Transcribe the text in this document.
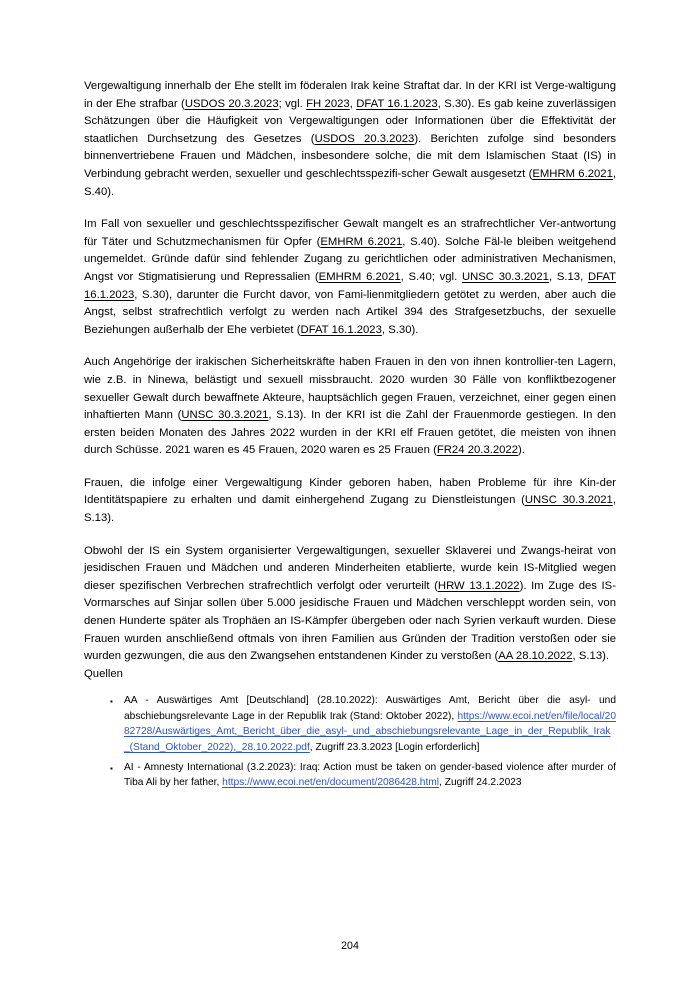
Vergewaltigung innerhalb der Ehe stellt im föderalen Irak keine Straftat dar. In der KRI ist Verge-waltigung in der Ehe strafbar (USDOS 20.3.2023; vgl. FH 2023, DFAT 16.1.2023, S.30). Es gab keine zuverlässigen Schätzungen über die Häufigkeit von Vergewaltigungen oder Informationen über die Effektivität der staatlichen Durchsetzung des Gesetzes (USDOS 20.3.2023). Berichten zufolge sind besonders binnenvertriebene Frauen und Mädchen, insbesondere solche, die mit dem Islamischen Staat (IS) in Verbindung gebracht werden, sexueller und geschlechtsspezifi-scher Gewalt ausgesetzt (EMHRM 6.2021, S.40).

Im Fall von sexueller und geschlechtsspezifischer Gewalt mangelt es an strafrechtlicher Ver-antwortung für Täter und Schutzmechanismen für Opfer (EMHRM 6.2021, S.40). Solche Fäl-le bleiben weitgehend ungemeldet. Gründe dafür sind fehlender Zugang zu gerichtlichen oder administrativen Mechanismen, Angst vor Stigmatisierung und Repressalien (EMHRM 6.2021, S.40; vgl. UNSC 30.3.2021, S.13, DFAT 16.1.2023, S.30), darunter die Furcht davor, von Fami-lienmitgliedern getötet zu werden, aber auch die Angst, selbst strafrechtlich verfolgt zu werden nach Artikel 394 des Strafgesetzbuchs, der sexuelle Beziehungen außerhalb der Ehe verbietet (DFAT 16.1.2023, S.30).

Auch Angehörige der irakischen Sicherheitskräfte haben Frauen in den von ihnen kontrollier-ten Lagern, wie z.B. in Ninewa, belästigt und sexuell missbraucht. 2020 wurden 30 Fälle von konfliktbezogener sexueller Gewalt durch bewaffnete Akteure, hauptsächlich gegen Frauen, verzeichnet, einer gegen einen inhaftierten Mann (UNSC 30.3.2021, S.13). In der KRI ist die Zahl der Frauenmorde gestiegen. In den ersten beiden Monaten des Jahres 2022 wurden in der KRI elf Frauen getötet, die meisten von ihnen durch Schüsse. 2021 waren es 45 Frauen, 2020 waren es 25 Frauen (FR24 20.3.2022).

Frauen, die infolge einer Vergewaltigung Kinder geboren haben, haben Probleme für ihre Kin-der Identitätspapiere zu erhalten und damit einhergehend Zugang zu Dienstleistungen (UNSC 30.3.2021, S.13).

Obwohl der IS ein System organisierter Vergewaltigungen, sexueller Sklaverei und Zwangs-heirat von jesidischen Frauen und Mädchen und anderen Minderheiten etablierte, wurde kein IS-Mitglied wegen dieser spezifischen Verbrechen strafrechtlich verfolgt oder verurteilt (HRW 13.1.2022). Im Zuge des IS-Vormarsches auf Sinjar sollen über 5.000 jesidische Frauen und Mädchen verschleppt worden sein, von denen Hunderte später als Trophäen an IS-Kämpfer übergeben oder nach Syrien verkauft wurden. Diese Frauen wurden anschließend oftmals von ihren Familien aus Gründen der Tradition verstoßen oder sie wurden gezwungen, die aus den Zwangsehen entstandenen Kinder zu verstoßen (AA 28.10.2022, S.13).

Quellen
▪ AA - Auswärtiges Amt [Deutschland] (28.10.2022): Auswärtiges Amt, Bericht über die asyl- und abschiebungsrelevante Lage in der Republik Irak (Stand: Oktober 2022), https://www.ecoi.net/en/file/local/2082728/Auswärtiges_Amt,_Bericht_über_die_asyl-_und_abschiebungsrelevante_Lage_in_der_Republik_Irak_(Stand_Oktober_2022),_28.10.2022.pdf, Zugriff 23.3.2023 [Login erforderlich]
▪ AI - Amnesty International (3.2.2023): Iraq: Action must be taken on gender-based violence after murder of Tiba Ali by her father, https://www.ecoi.net/en/document/2086428.html, Zugriff 24.2.2023
204
